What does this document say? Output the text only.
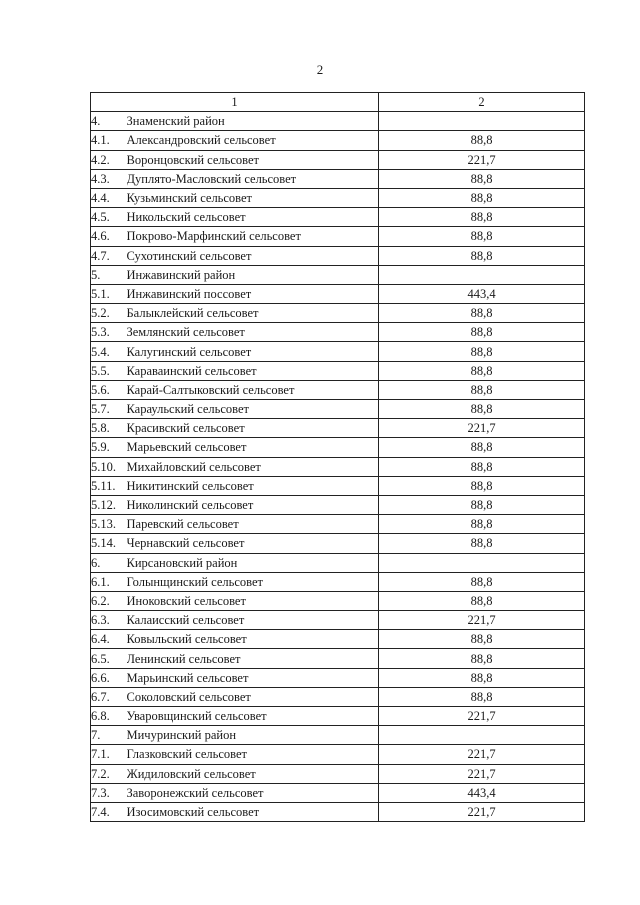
2
1		2
4.	Знаменский район	
4.1.	Александровский сельсовет	88,8
4.2.	Воронцовский сельсовет	221,7
4.3.	Дуплято-Масловский сельсовет	88,8
4.4.	Кузьминский сельсовет	88,8
4.5.	Никольский сельсовет	88,8
4.6.	Покрово-Марфинский сельсовет	88,8
4.7.	Сухотинский сельсовет	88,8
5.	Инжавинский район	
5.1.	Инжавинский поссовет	443,4
5.2.	Балыклейский сельсовет	88,8
5.3.	Землянский сельсовет	88,8
5.4.	Калугинский сельсовет	88,8
5.5.	Караваинский сельсовет	88,8
5.6.	Карай-Салтыковский сельсовет	88,8
5.7.	Караульский сельсовет	88,8
5.8.	Красивский сельсовет	221,7
5.9.	Марьевский сельсовет	88,8
5.10.	Михайловский сельсовет	88,8
5.11.	Никитинский сельсовет	88,8
5.12.	Николинский сельсовет	88,8
5.13.	Паревский сельсовет	88,8
5.14.	Чернавский сельсовет	88,8
6.	Кирсановский район	
6.1.	Голынщинский сельсовет	88,8
6.2.	Иноковский сельсовет	88,8
6.3.	Калаисский сельсовет	221,7
6.4.	Ковыльский сельсовет	88,8
6.5.	Ленинский сельсовет	88,8
6.6.	Марьинский сельсовет	88,8
6.7.	Соколовский сельсовет	88,8
6.8.	Уваровщинский сельсовет	221,7
7.	Мичуринский район	
7.1.	Глазковский сельсовет	221,7
7.2.	Жидиловский сельсовет	221,7
7.3.	Заворонежский сельсовет	443,4
7.4.	Изосимовский сельсовет	221,7
